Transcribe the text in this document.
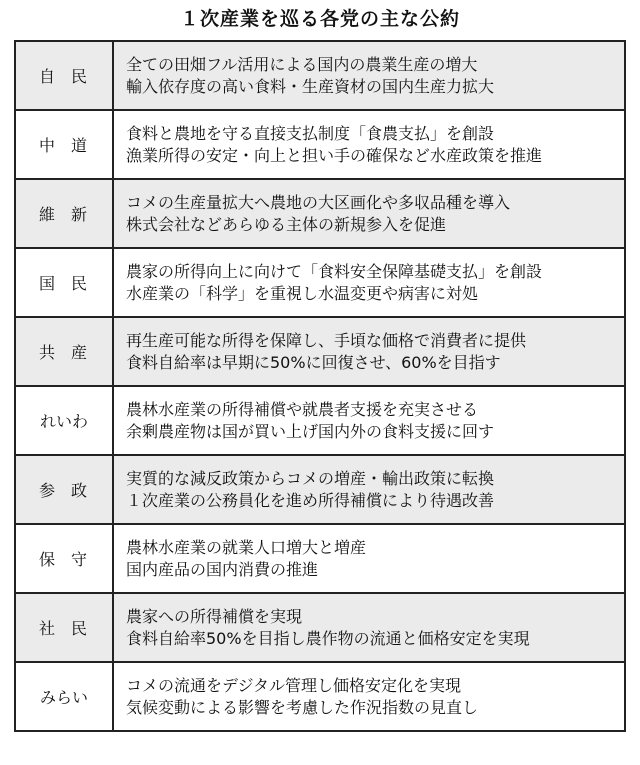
１次産業を巡る各党の主な公約
自民	全ての田畑フル活用による国内の農業生産の増大
輸入依存度の高い食料・生産資材の国内生産力拡大

中道	食料と農地を守る直接支払制度「食農支払」を創設
漁業所得の安定・向上と担い手の確保など水産政策を推進

維新	コメの生産量拡大へ農地の大区画化や多収品種を導入
株式会社などあらゆる主体の新規参入を促進

国民	農家の所得向上に向けて「食料安全保障基礎支払」を創設
水産業の「科学」を重視し水温変更や病害に対処

共産	再生産可能な所得を保障し、手頃な価格で消費者に提供
食料自給率は早期に50%に回復させ、60%を目指す

れいわ	農林水産業の所得補償や就農者支援を充実させる
余剰農産物は国が買い上げ国内外の食料支援に回す

参政	実質的な減反政策からコメの増産・輸出政策に転換
１次産業の公務員化を進め所得補償により待遇改善

保守	農林水産業の就業人口増大と増産
国内産品の国内消費の推進

社民	農家への所得補償を実現
食料自給率50%を目指し農作物の流通と価格安定を実現

みらい	コメの流通をデジタル管理し価格安定化を実現
気候変動による影響を考慮した作況指数の見直し
